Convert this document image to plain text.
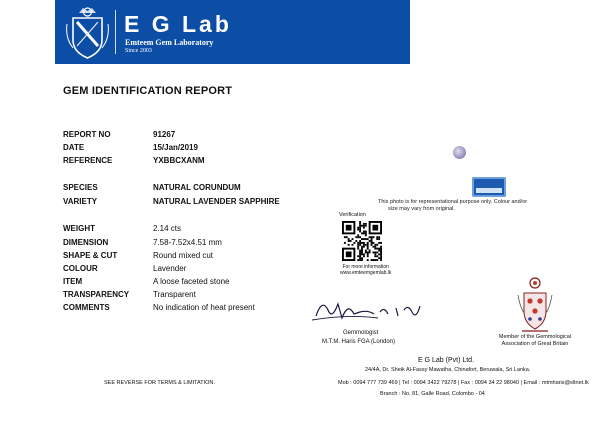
E G Lab
Emteem Gem Laboratory
Since 2003
GEM IDENTIFICATION REPORT
REPORT NO	91267
DATE	15/Jan/2019
REFERENCE	YXBBCXANM
SPECIES	NATURAL CORUNDUM
VARIETY	NATURAL LAVENDER SAPPHIRE
WEIGHT	2.14 cts
DIMENSION	7.58-7.52x4.51 mm
SHAPE & CUT	Round mixed cut
COLOUR	Lavender
ITEM	A loose faceted stone
TRANSPARENCY	Transparent
COMMENTS	No indication of heat present
This photo is for representational purpose only. Colour and/or
size may vary from original.
Verification
For more information
www.emteemgemlab.lk
Gemmologist
M.T.M. Haris FGA (London)
Member of the Gemmological
Association of Great Britain
E G Lab (Pvt) Ltd.
24/4A, Dr. Sheik Al-Fassy Mawatha, Chinafort, Beruwala, Sri Lanka.
Mob : 0094 777 739 469 | Tel : 0094 3422 79278 | Fax : 0094 34 22 98040 | Email : mtmharis@sltnet.lk
Branch : No. 81, Galle Road, Colombo - 04
SEE REVERSE FOR TERMS & LIMITATION.
